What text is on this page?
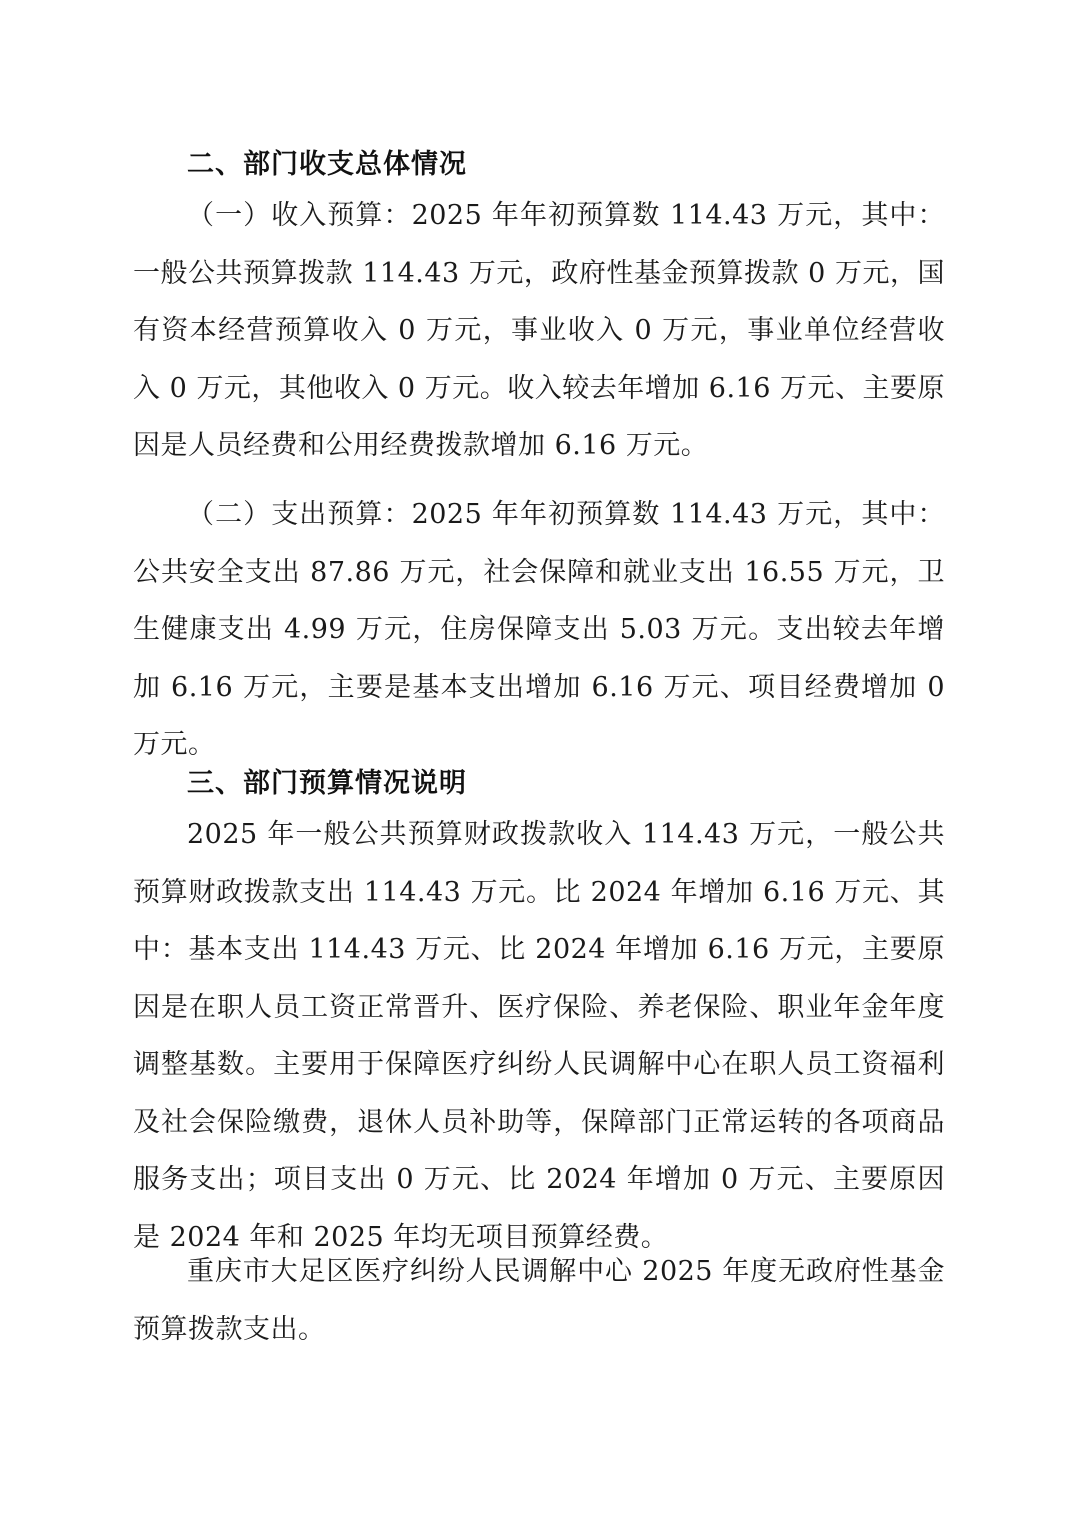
二、部门收支总体情况

（一）收入预算：2025 年年初预算数 114.43 万元，其中：一般公共预算拨款 114.43 万元，政府性基金预算拨款 0 万元，国有资本经营预算收入 0 万元，事业收入 0 万元，事业单位经营收入 0 万元，其他收入 0 万元。收入较去年增加 6.16 万元、主要原因是人员经费和公用经费拨款增加 6.16 万元。

（二）支出预算：2025 年年初预算数 114.43 万元，其中：公共安全支出 87.86 万元，社会保障和就业支出 16.55 万元，卫生健康支出 4.99 万元，住房保障支出 5.03 万元。支出较去年增加 6.16 万元，主要是基本支出增加 6.16 万元、项目经费增加 0 万元。

三、部门预算情况说明

2025 年一般公共预算财政拨款收入 114.43 万元，一般公共预算财政拨款支出 114.43 万元。比 2024 年增加 6.16 万元、其中：基本支出 114.43 万元、比 2024 年增加 6.16 万元，主要原因是在职人员工资正常晋升、医疗保险、养老保险、职业年金年度调整基数。主要用于保障医疗纠纷人民调解中心在职人员工资福利及社会保险缴费，退休人员补助等，保障部门正常运转的各项商品服务支出；项目支出 0 万元、比 2024 年增加 0 万元、主要原因是 2024 年和 2025 年均无项目预算经费。

重庆市大足区医疗纠纷人民调解中心 2025 年度无政府性基金预算拨款支出。
